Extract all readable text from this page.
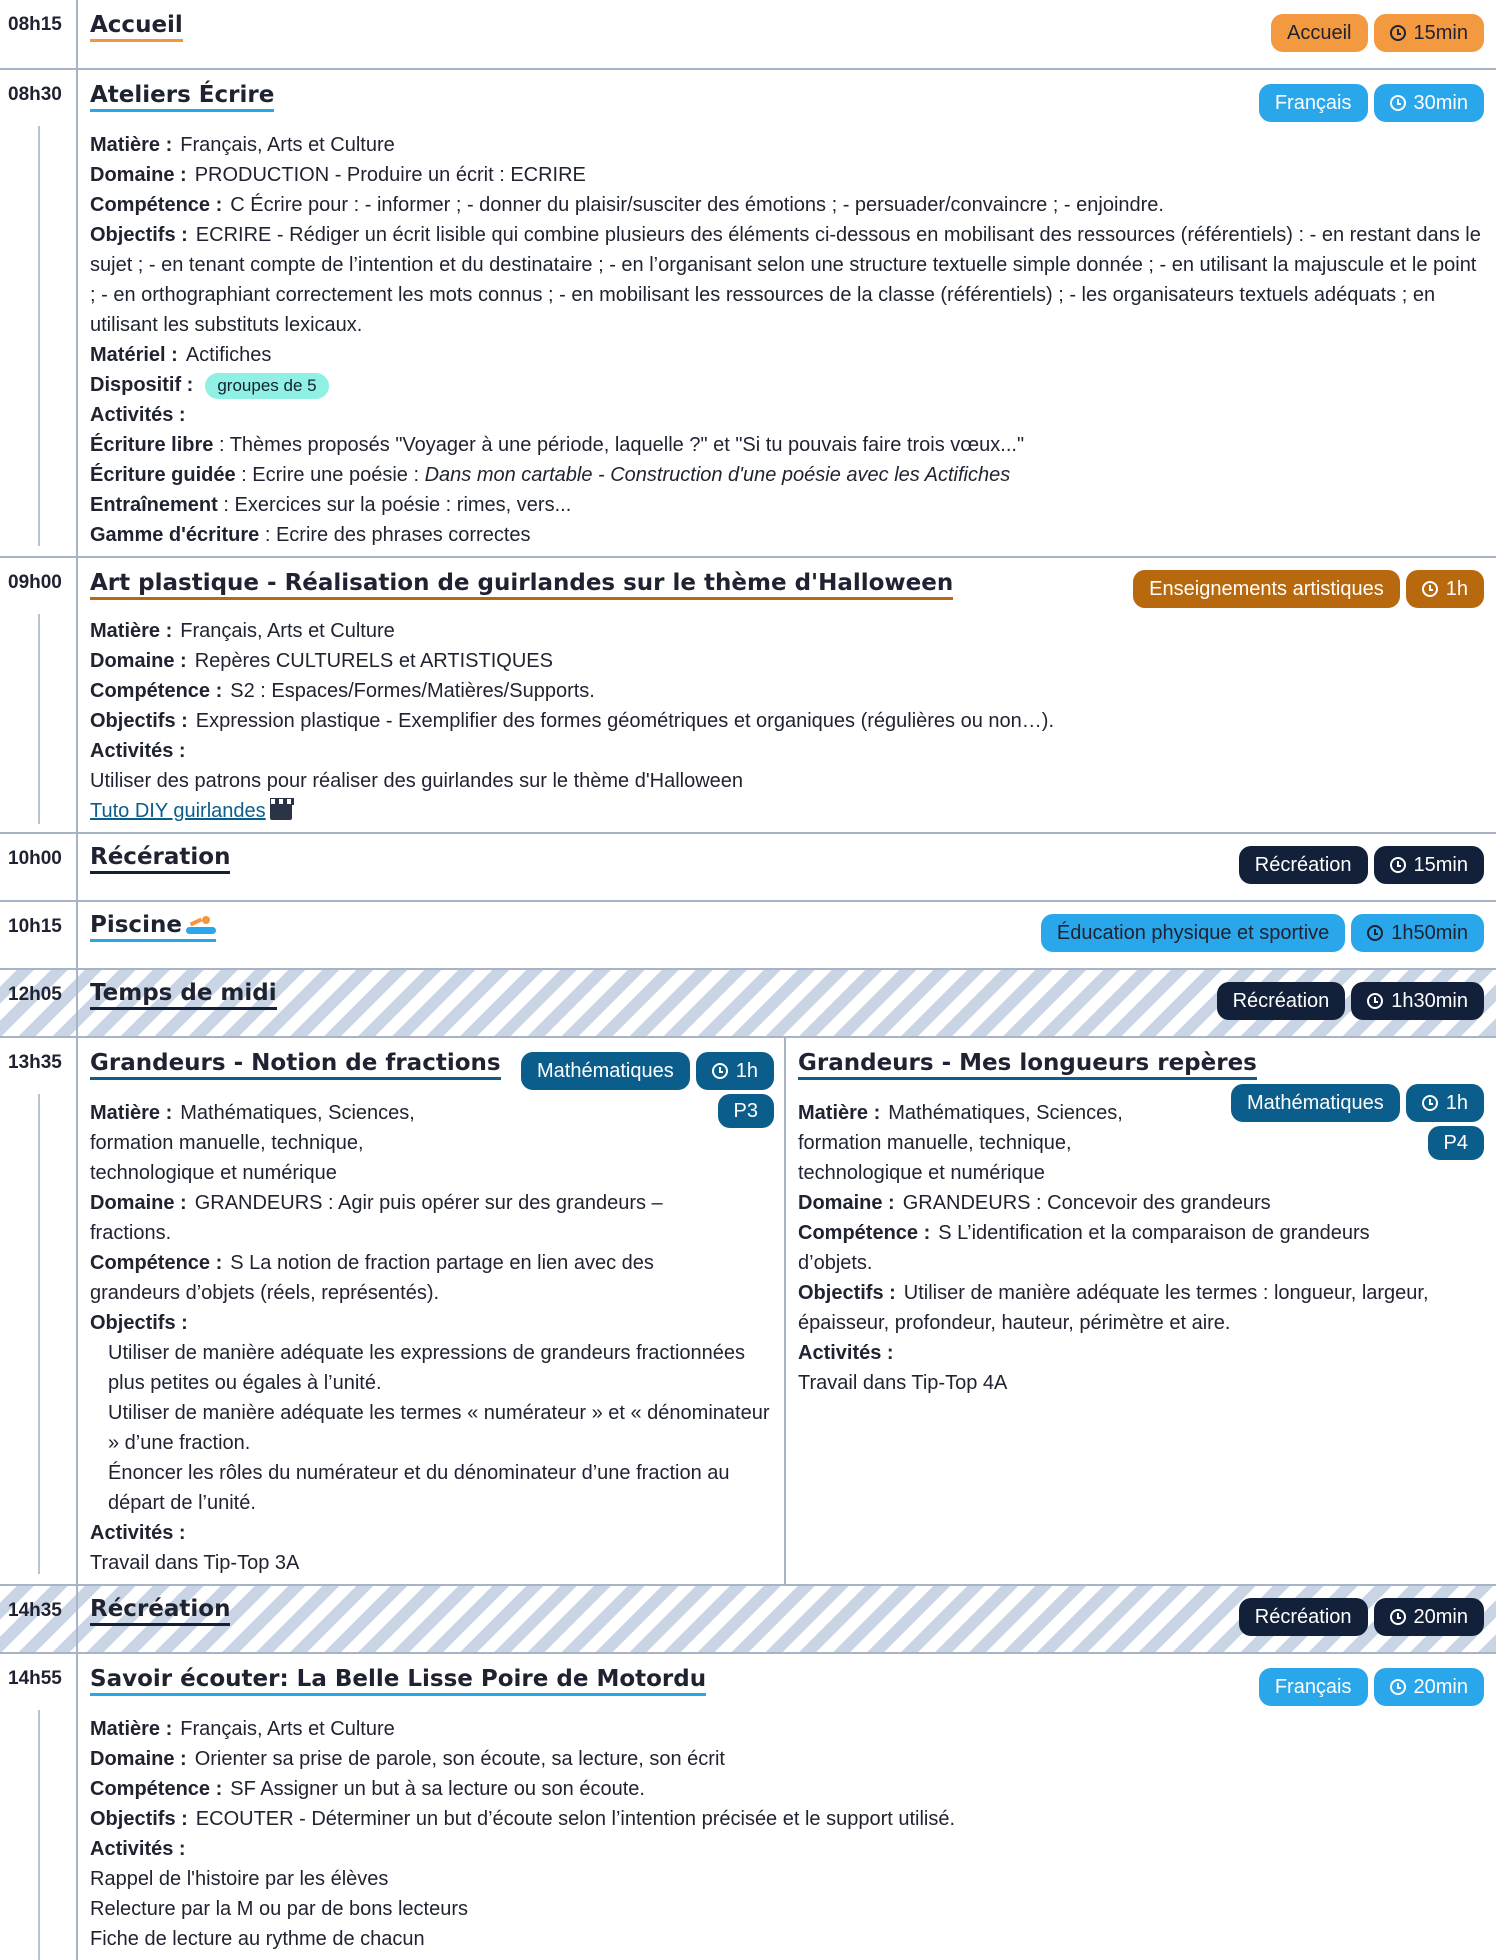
08h15 Accueil	Accueil	15min
08h30 Ateliers Écrire	Français	30min

Matière : Français, Arts et Culture

Domaine : PRODUCTION - Produire un écrit : ECRIRE

Compétence : C Écrire pour : - informer ; - donner du plaisir/susciter des émotions ; - persuader/convaincre ; - enjoindre.

Objectifs : ECRIRE - Rédiger un écrit lisible qui combine plusieurs des éléments ci-dessous en mobilisant des ressources (référentiels) : - en restant dans le sujet ; - en tenant compte de l’intention et du destinataire ; - en l’organisant selon une structure textuelle simple donnée ; - en utilisant la majuscule et le point ; - en orthographiant correctement les mots connus ; - en mobilisant les ressources de la classe (référentiels) ; - les organisateurs textuels adéquats ; en utilisant les substituts lexicaux.

Matériel : Actifiches

Dispositif : groupes de 5

Activités :

Écriture libre : Thèmes proposés "Voyager à une période, laquelle ?" et "Si tu pouvais faire trois vœux..."

Écriture guidée : Ecrire une poésie : Dans mon cartable - Construction d'une poésie avec les Actifiches

Entraînement : Exercices sur la poésie : rimes, vers...

Gamme d'écriture : Ecrire des phrases correctes

09h00 Art plastique - Réalisation de guirlandes sur le thème d'Halloween	Enseignements artistiques	1h

Matière : Français, Arts et Culture

Domaine : Repères CULTURELS et ARTISTIQUES

Compétence : S2 : Espaces/Formes/Matières/Supports.

Objectifs : Expression plastique - Exemplifier des formes géométriques et organiques (régulières ou non…).

Activités :

Utiliser des patrons pour réaliser des guirlandes sur le thème d'Halloween

Tuto DIY guirlandes

10h00 Récération	Récréation	15min
10h15 Piscine	Éducation physique et sportive	1h50min
12h05 Temps de midi	Récréation	1h30min
13h35 Grandeurs - Notion de fractions	Mathématiques	1h
P3

Matière : Mathématiques, Sciences, formation manuelle, technique, technologique et numérique

Domaine : GRANDEURS : Agir puis opérer sur des grandeurs – fractions.

Compétence : S La notion de fraction partage en lien avec des grandeurs d’objets (réels, représentés).

Objectifs :

Utiliser de manière adéquate les expressions de grandeurs fractionnées plus petites ou égales à l’unité.

Utiliser de manière adéquate les termes « numérateur » et « dénominateur » d’une fraction.

Énoncer les rôles du numérateur et du dénominateur d’une fraction au départ de l’unité.

Activités :

Travail dans Tip-Top 3A

Grandeurs - Mes longueurs repères
Mathématiques	1h
P4

Matière : Mathématiques, Sciences, formation manuelle, technique, technologique et numérique

Domaine : GRANDEURS : Concevoir des grandeurs

Compétence : S L’identification et la comparaison de grandeurs d’objets.

Objectifs : Utiliser de manière adéquate les termes : longueur, largeur, épaisseur, profondeur, hauteur, périmètre et aire.

Activités :

Travail dans Tip-Top 4A

14h35 Récréation	Récréation	20min
14h55 Savoir écouter: La Belle Lisse Poire de Motordu	Français	20min

Matière : Français, Arts et Culture

Domaine : Orienter sa prise de parole, son écoute, sa lecture, son écrit

Compétence : SF Assigner un but à sa lecture ou son écoute.

Objectifs : ECOUTER - Déterminer un but d’écoute selon l’intention précisée et le support utilisé.

Activités :

Rappel de l'histoire par les élèves

Relecture par la M ou par de bons lecteurs

Fiche de lecture au rythme de chacun
